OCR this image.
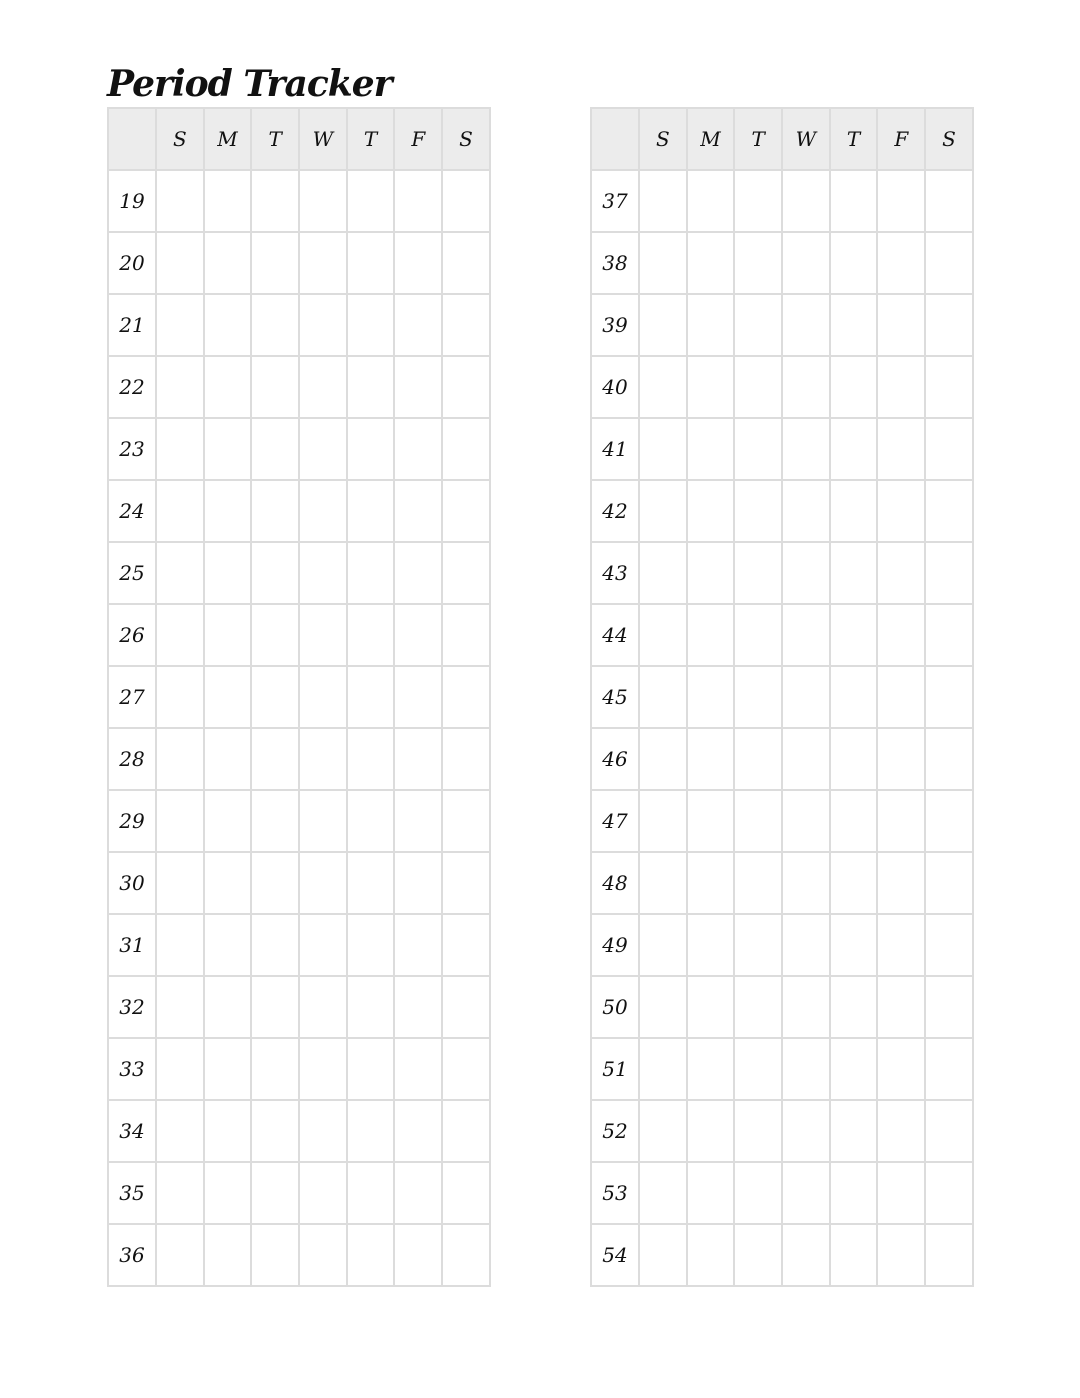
Period Tracker
	S	M	T	W	T	F	S
19							
20							
21							
22							
23							
24							
25							
26							
27							
28							
29							
30							
31							
32							
33							
34							
35							
36							
	S	M	T	W	T	F	S
37							
38							
39							
40							
41							
42							
43							
44							
45							
46							
47							
48							
49							
50							
51							
52							
53							
54							
